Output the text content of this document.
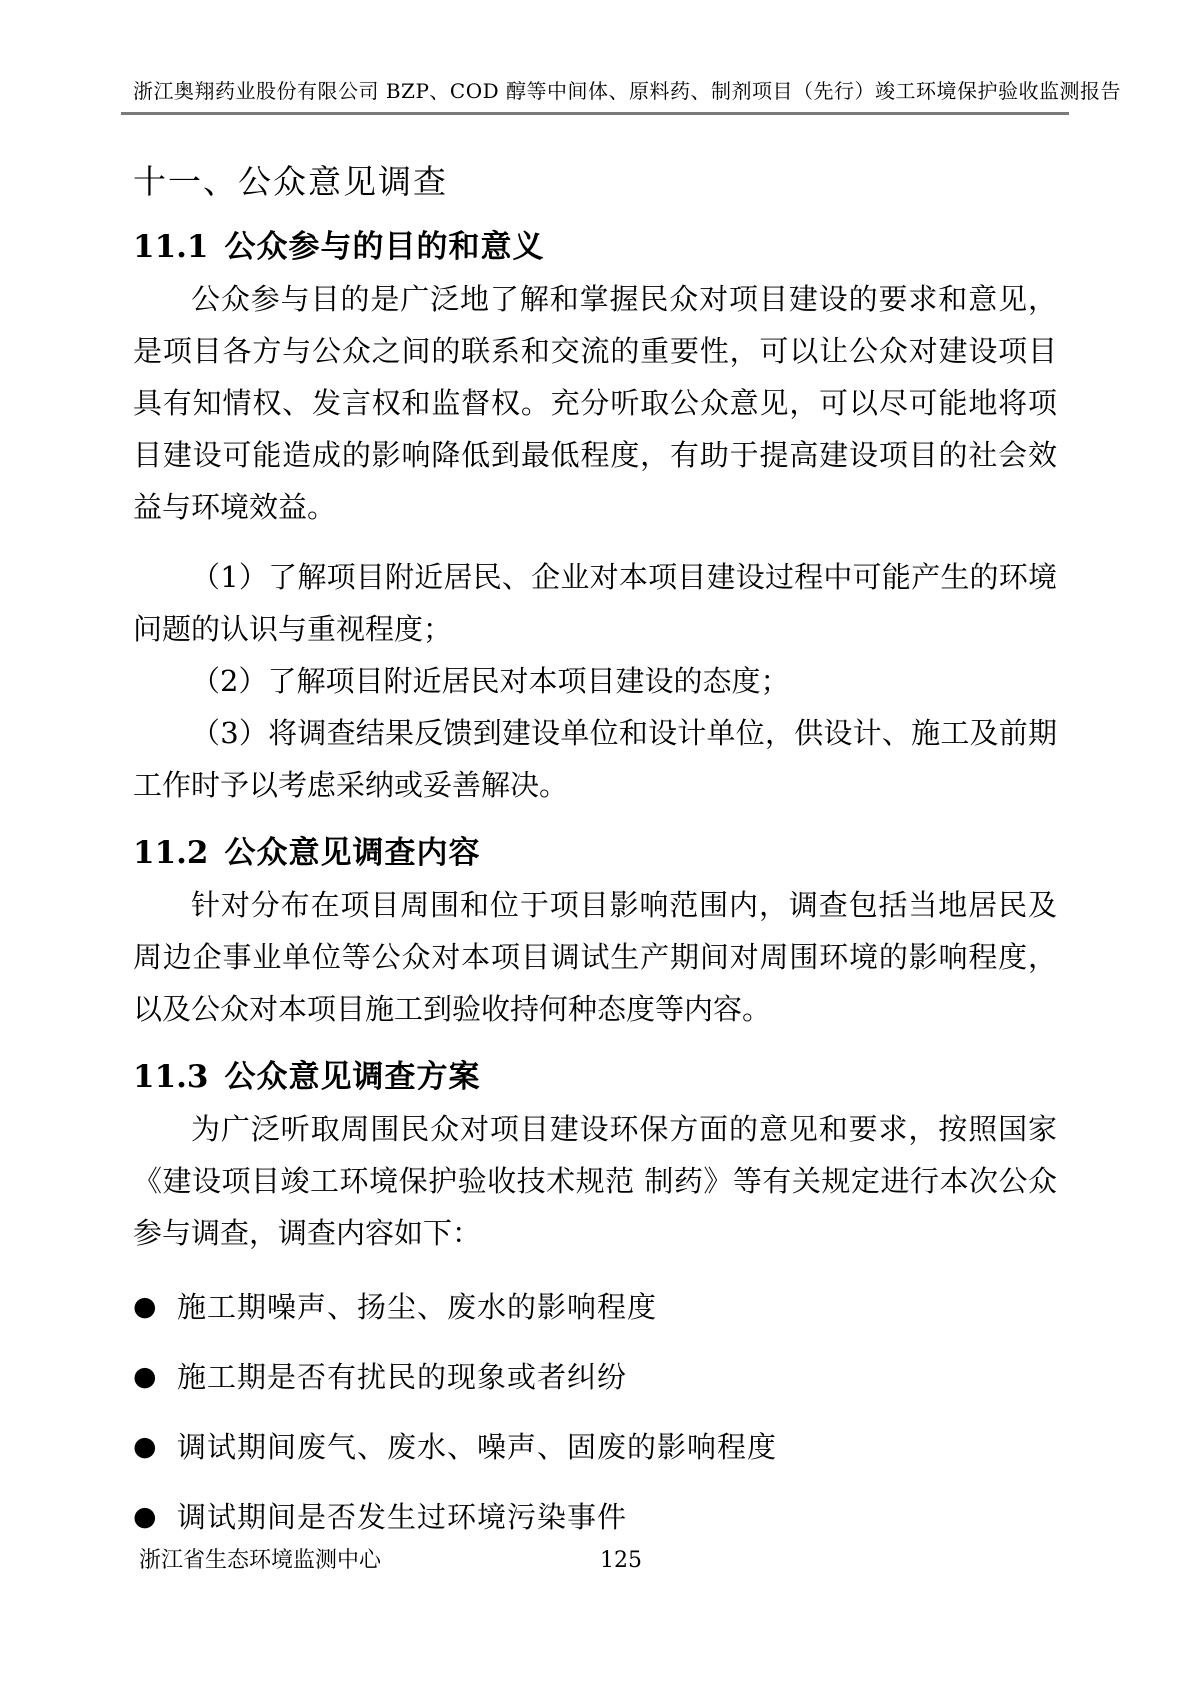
浙江奥翔药业股份有限公司 BZP、COD 醇等中间体、原料药、制剂项目（先行）竣工环境保护验收监测报告
十一、公众意见调查
11.1 公众参与的目的和意义

公众参与目的是广泛地了解和掌握民众对项目建设的要求和意见，是项目各方与公众之间的联系和交流的重要性，可以让公众对建设项目具有知情权、发言权和监督权。充分听取公众意见，可以尽可能地将项目建设可能造成的影响降低到最低程度，有助于提高建设项目的社会效益与环境效益。

（1）了解项目附近居民、企业对本项目建设过程中可能产生的环境问题的认识与重视程度；

（2）了解项目附近居民对本项目建设的态度；

（3）将调查结果反馈到建设单位和设计单位，供设计、施工及前期工作时予以考虑采纳或妥善解决。

11.2 公众意见调查内容

针对分布在项目周围和位于项目影响范围内，调查包括当地居民及周边企事业单位等公众对本项目调试生产期间对周围环境的影响程度，以及公众对本项目施工到验收持何种态度等内容。

11.3 公众意见调查方案

为广泛听取周围民众对项目建设环保方面的意见和要求，按照国家《建设项目竣工环境保护验收技术规范 制药》等有关规定进行本次公众参与调查，调查内容如下：

● 施工期噪声、扬尘、废水的影响程度
● 施工期是否有扰民的现象或者纠纷
● 调试期间废气、废水、噪声、固废的影响程度
● 调试期间是否发生过环境污染事件
浙江省生态环境监测中心	125
